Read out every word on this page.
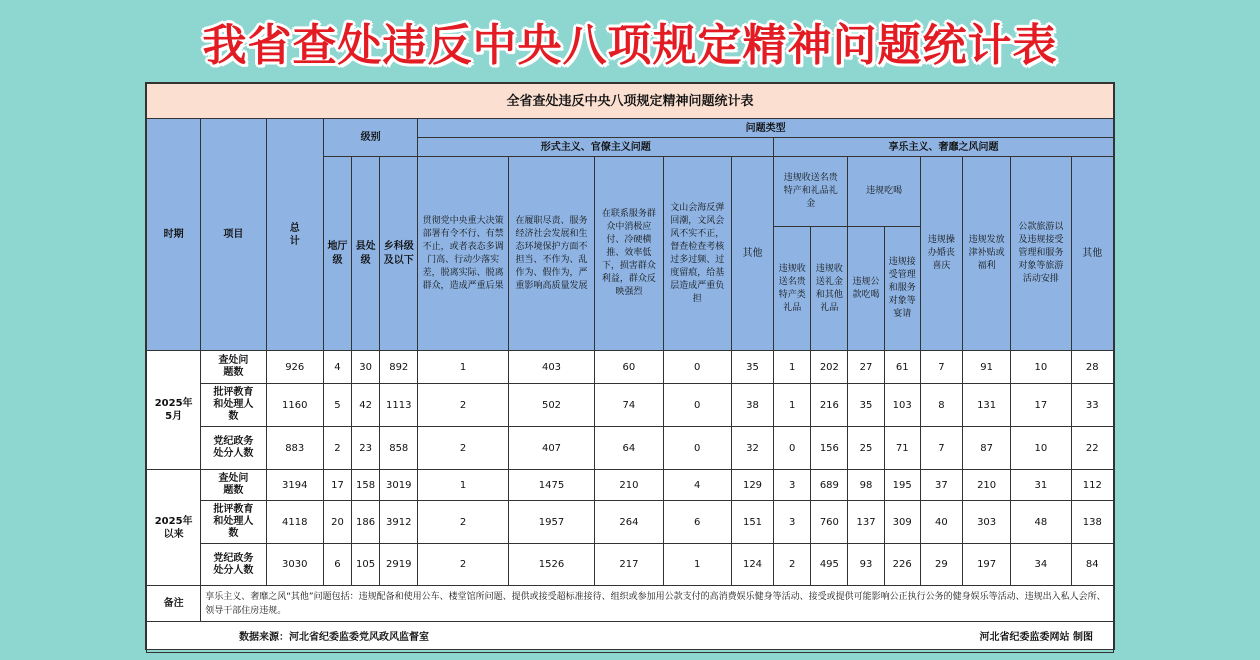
我省查处违反中央八项规定精神问题统计表
全省查处违反中央八项规定精神问题统计表																		
时期	项目	总计	级别			问题类型												
						形式主义、官僚主义问题					享乐主义、奢靡之风问题							
			地厅级	县处级	乡科级及以下	贯彻党中央重大决策部署有令不行、有禁不止，或者表态多调门高、行动少落实差，脱离实际、脱离群众，造成严重后果	在履职尽责、服务经济社会发展和生态环境保护方面不担当、不作为、乱作为、假作为，严重影响高质量发展	在联系服务群众中消极应付、冷硬横推、效率低下，损害群众利益，群众反映强烈	文山会海反弹回潮，文风会风不实不正，督查检查考核过多过频、过度留痕，给基层造成严重负担	其他	违规收送名贵特产和礼品礼金		违规吃喝		违规操办婚丧喜庆	违规发放津补贴或福利	公款旅游以及违规接受管理和服务对象等旅游活动安排	其他
											违规收送名贵特产类礼品	违规收送礼金和其他礼品	违规公款吃喝	违规接受管理和服务对象等宴请				
2025年5月	查处问题数	926	4	30	892	1	403	60	0	35	1	202	27	61	7	91	10	28
	批评教育和处理人数	1160	5	42	1113	2	502	74	0	38	1	216	35	103	8	131	17	33
	党纪政务处分人数	883	2	23	858	2	407	64	0	32	0	156	25	71	7	87	10	22
2025年以来	查处问题数	3194	17	158	3019	1	1475	210	4	129	3	689	98	195	37	210	31	112
	批评教育和处理人数	4118	20	186	3912	2	1957	264	6	151	3	760	137	309	40	303	48	138
	党纪政务处分人数	3030	6	105	2919	2	1526	217	1	124	2	495	93	226	29	197	34	84
备注	享乐主义、奢靡之风“其他”问题包括：违规配备和使用公车、楼堂馆所问题、提供或接受超标准接待、组织或参加用公款支付的高消费娱乐健身等活动、接受或提供可能影响公正执行公务的健身娱乐等活动、违规出入私人会所、领导干部住房违规。																	

数据来源：河北省纪委监委党风政风监督室 河北省纪委监委网站 制图																		
